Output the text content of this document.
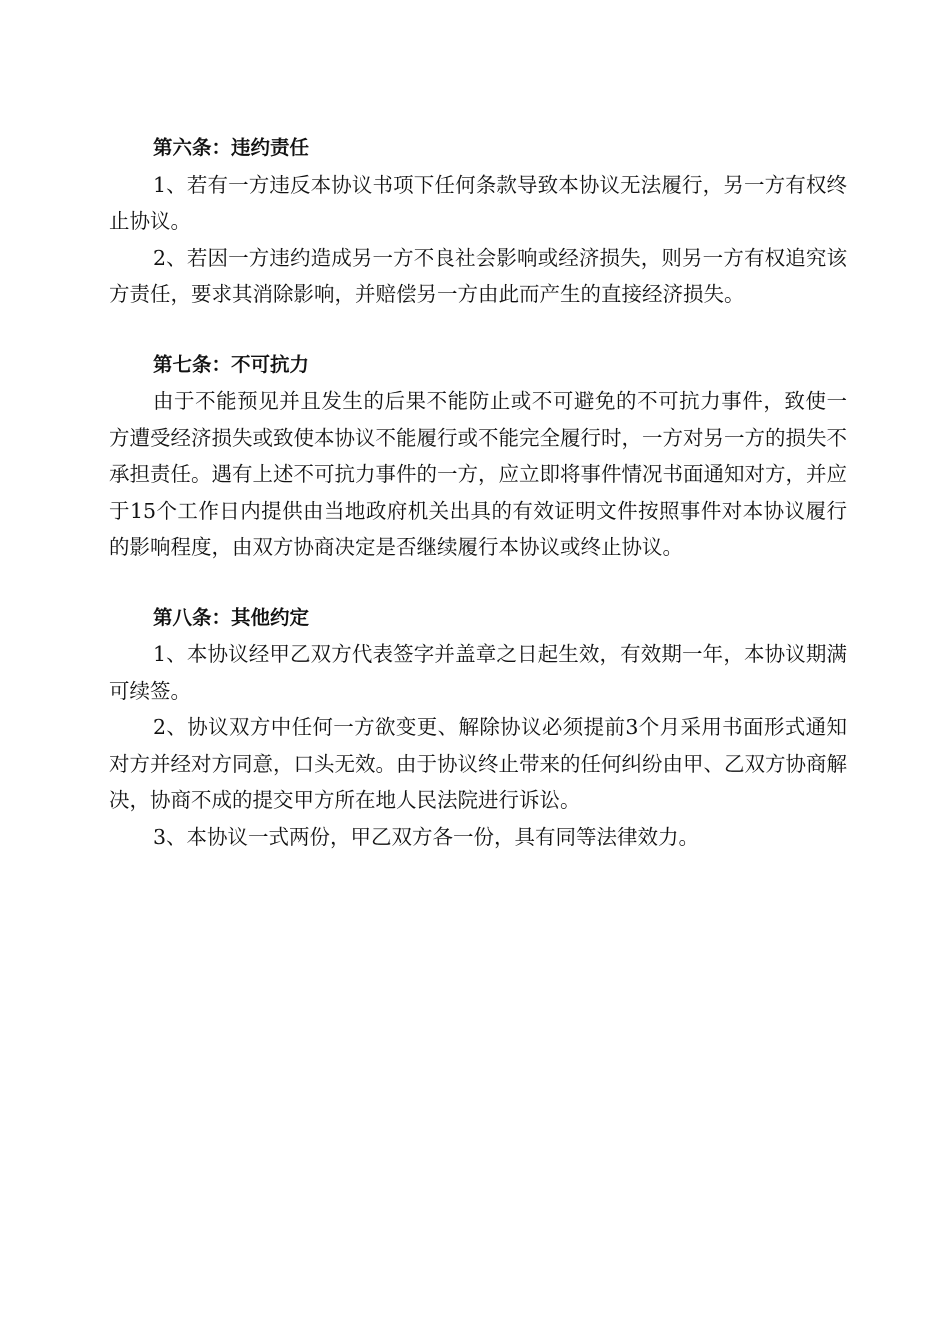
第六条：违约责任

1、若有一方违反本协议书项下任何条款导致本协议无法履行，另一方有权终止协议。

2、若因一方违约造成另一方不良社会影响或经济损失，则另一方有权追究该方责任，要求其消除影响，并赔偿另一方由此而产生的直接经济损失。

第七条：不可抗力

由于不能预见并且发生的后果不能防止或不可避免的不可抗力事件，致使一方遭受经济损失或致使本协议不能履行或不能完全履行时，一方对另一方的损失不承担责任。遇有上述不可抗力事件的一方，应立即将事件情况书面通知对方，并应于15个工作日内提供由当地政府机关出具的有效证明文件按照事件对本协议履行的影响程度，由双方协商决定是否继续履行本协议或终止协议。

第八条：其他约定

1、本协议经甲乙双方代表签字并盖章之日起生效，有效期一年，本协议期满可续签。

2、协议双方中任何一方欲变更、解除协议必须提前3个月采用书面形式通知对方并经对方同意，口头无效。由于协议终止带来的任何纠纷由甲、乙双方协商解决，协商不成的提交甲方所在地人民法院进行诉讼。

3、本协议一式两份，甲乙双方各一份，具有同等法律效力。
